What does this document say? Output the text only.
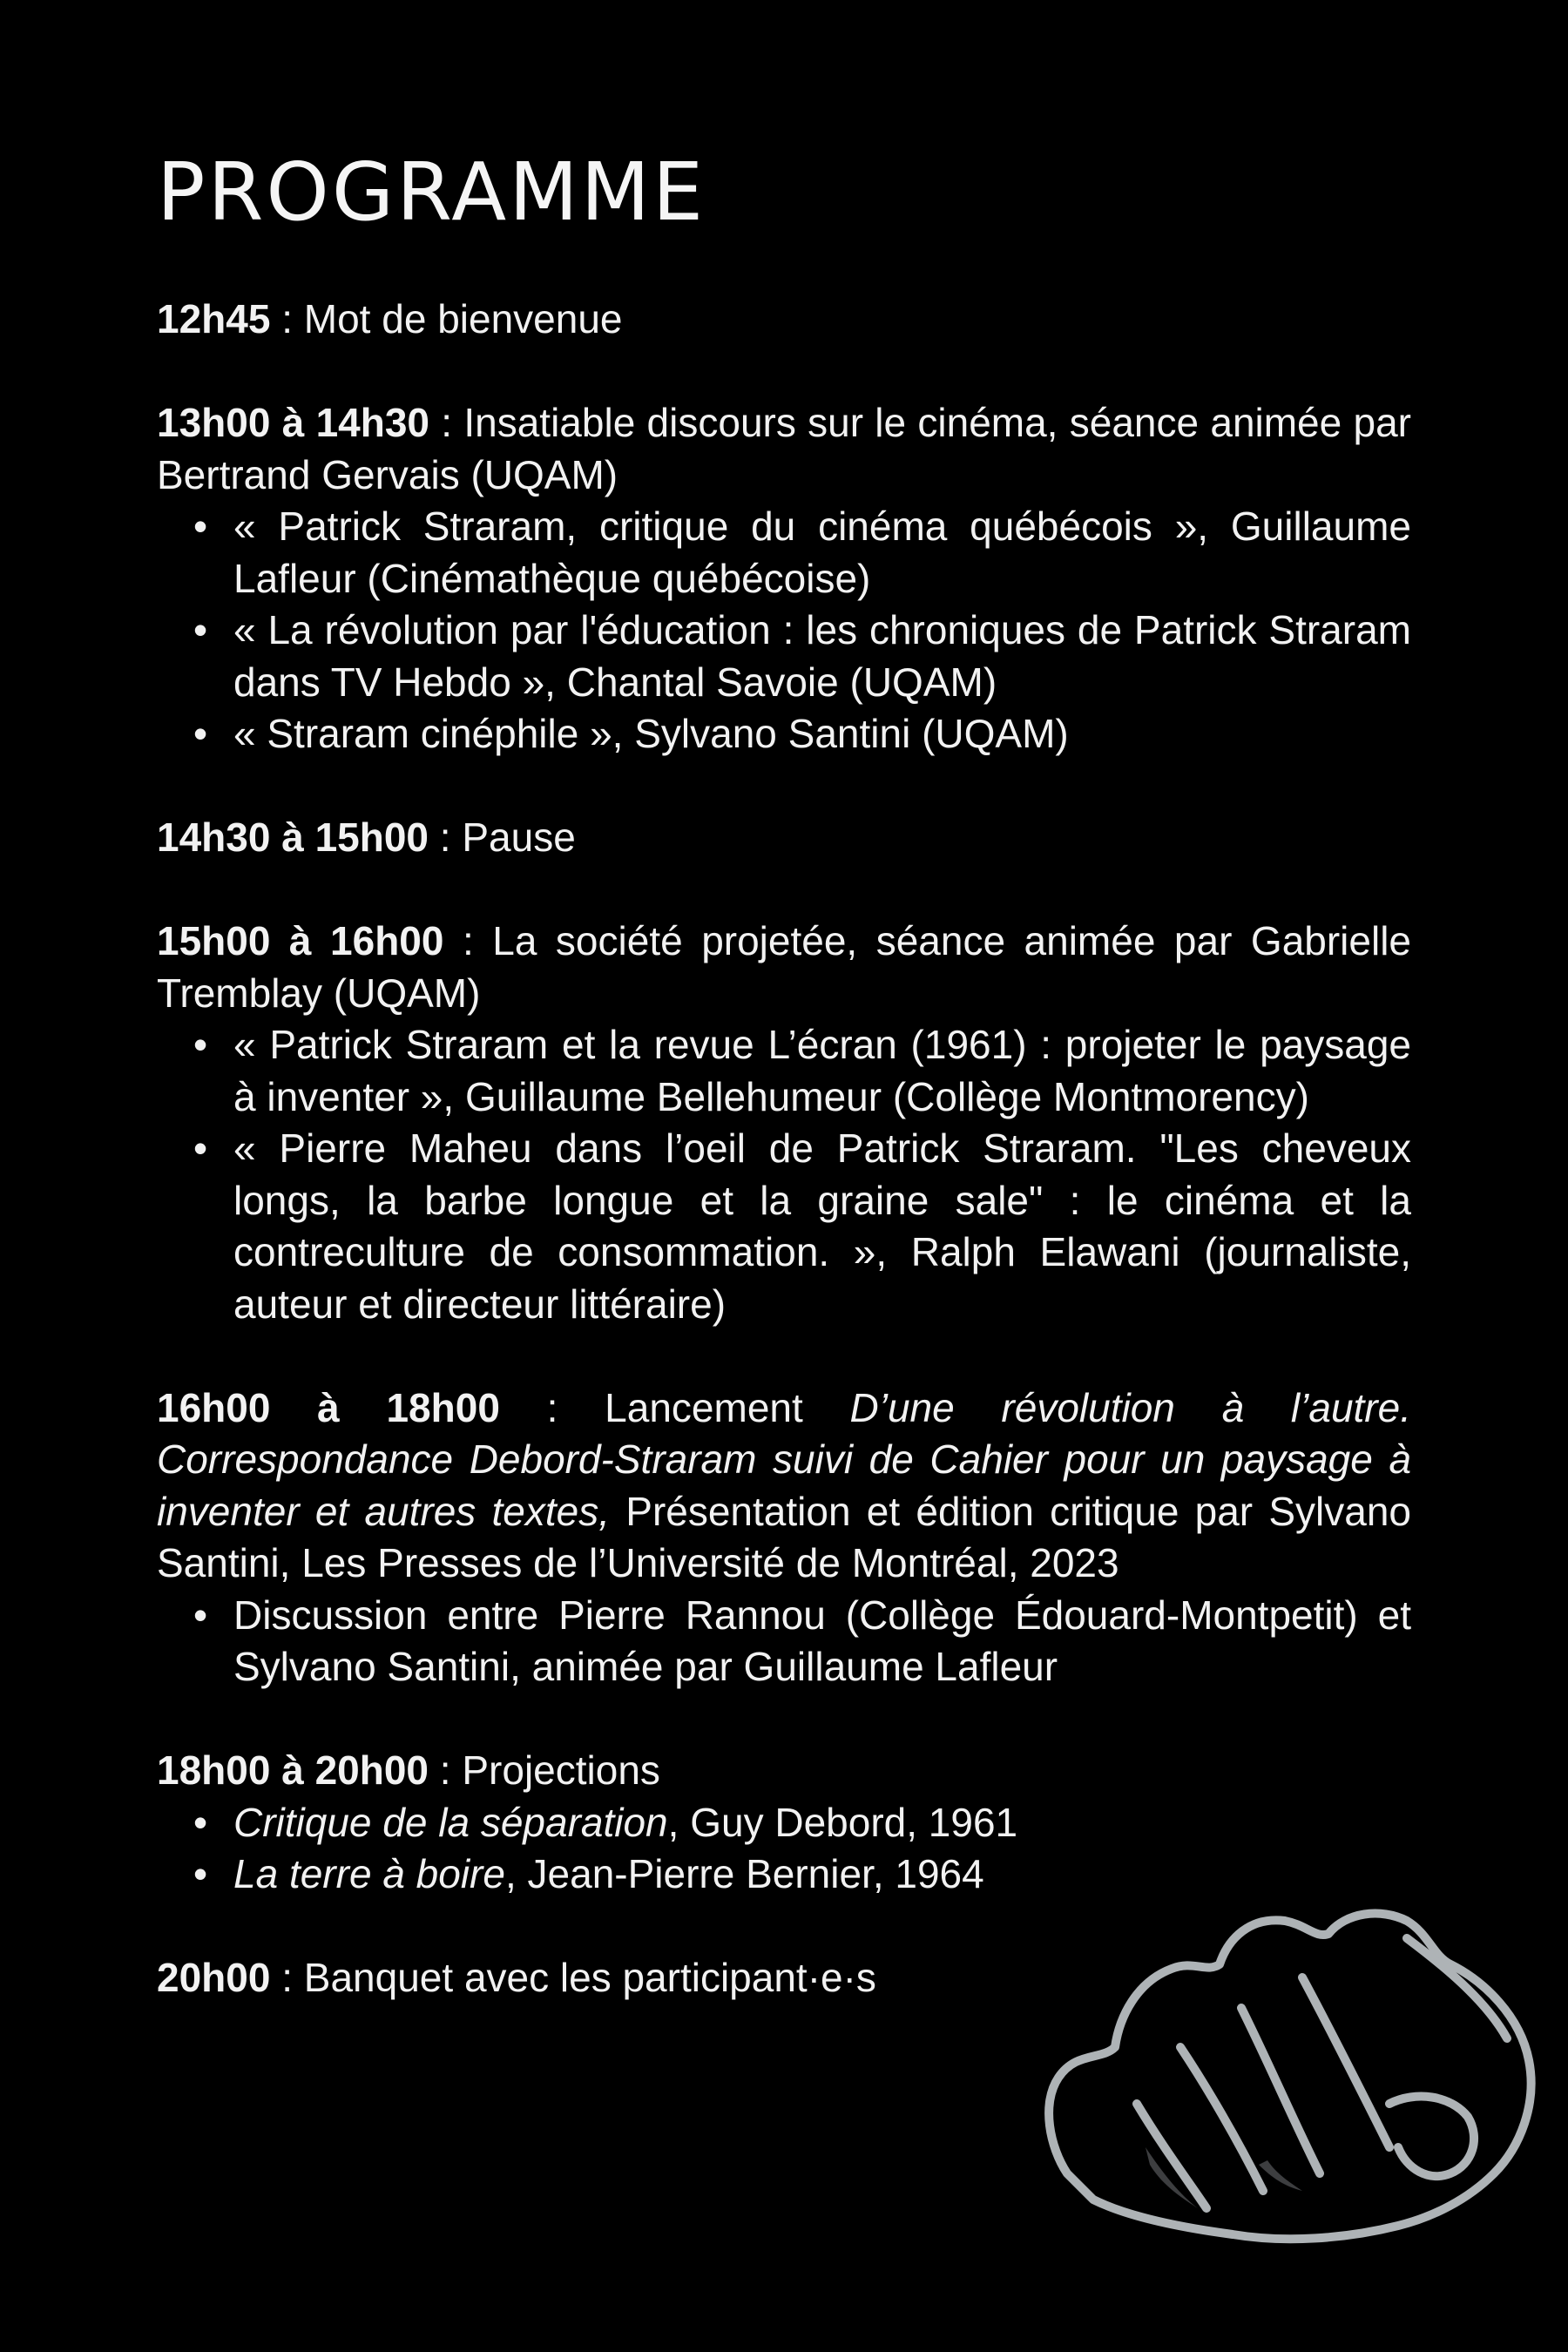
PROGRAMME
12h45 : Mot de bienvenue
13h00 à 14h30 : Insatiable discours sur le cinéma, séance animée par Bertrand Gervais (UQAM)
• « Patrick Straram, critique du cinéma québécois », Guillaume Lafleur (Cinémathèque québécoise)
• « La révolution par l'éducation : les chroniques de Patrick Straram dans TV Hebdo », Chantal Savoie (UQAM)
• « Straram cinéphile », Sylvano Santini (UQAM)
14h30 à 15h00 : Pause
15h00 à 16h00 : La société projetée, séance animée par Gabrielle Tremblay (UQAM)
• « Patrick Straram et la revue L’écran (1961) : projeter le paysage à inventer », Guillaume Bellehumeur (Collège Montmorency)
• « Pierre Maheu dans l’oeil de Patrick Straram. "Les cheveux longs, la barbe longue et la graine sale" : le cinéma et la contreculture de consommation. », Ralph Elawani (journaliste, auteur et directeur littéraire)
16h00 à 18h00 : Lancement D’une révolution à l’autre. Correspondance Debord-Straram suivi de Cahier pour un paysage à inventer et autres textes, Présentation et édition critique par Sylvano Santini, Les Presses de l’Université de Montréal, 2023
• Discussion entre Pierre Rannou (Collège Édouard-Montpetit) et Sylvano Santini, animée par Guillaume Lafleur
18h00 à 20h00 : Projections
• Critique de la séparation, Guy Debord, 1961
• La terre à boire, Jean-Pierre Bernier, 1964
20h00 : Banquet avec les participant·e·s
